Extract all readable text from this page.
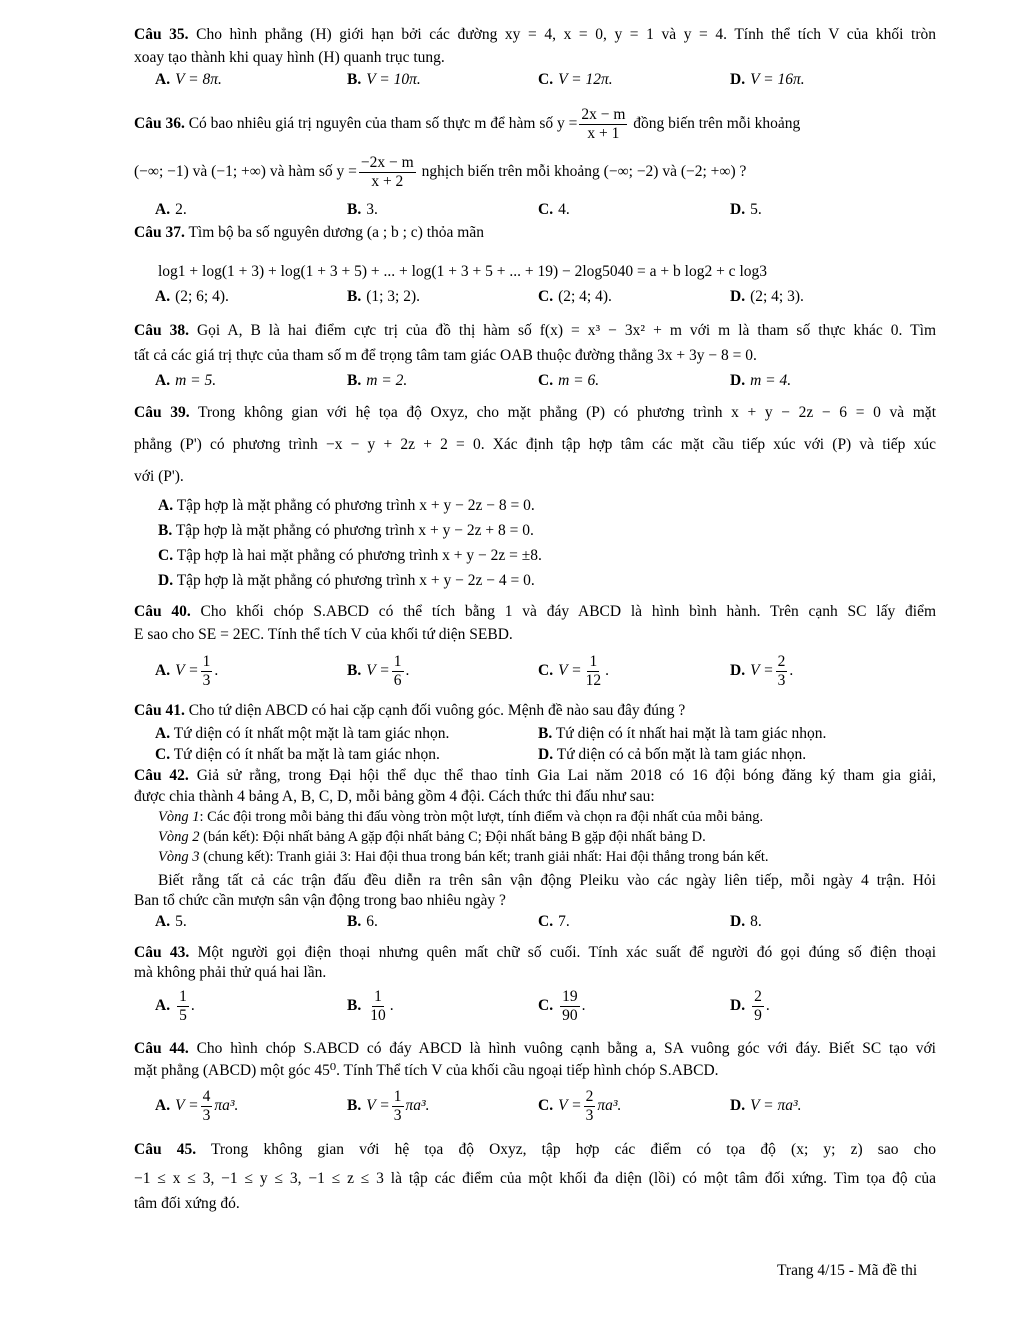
Câu 35. Cho hình phẳng (H) giới hạn bởi các đường xy = 4, x = 0, y = 1 và y = 4. Tính thể tích V của khối tròn
xoay tạo thành khi quay hình (H) quanh trục tung.
A. V = 8π.	B. V = 10π.	C. V = 12π.	D. V = 16π.
Câu 36. Có bao nhiêu giá trị nguyên của tham số thực m để hàm số $y = \frac{2x - m}{x + 1}$ đồng biến trên mỗi khoảng
(−∞; −1) và (−1; +∞) và hàm số $y = \frac{-2x - m}{x + 2}$
nghịch biến trên mỗi khoảng (−∞; −2) và (−2; +∞) ?
A. 2.	B. 3.	C. 4.	D. 5.
Câu 37. Tìm bộ ba số nguyên dương (a ; b ; c) thỏa mãn
log1 + log(1 + 3) + log(1 + 3 + 5) + ... + log(1 + 3 + 5 + ... + 19) − 2log5040 = a + b log2 + c log3
A. (2; 6; 4).	B. (1; 3; 2).	C. (2; 4; 4).	D. (2; 4; 3).
Câu 38. Gọi A, B là hai điểm cực trị của đồ thị hàm số f(x) = x³ − 3x² + m với m là tham số thực khác 0. Tìm
tất cả các giá trị thực của tham số m để trọng tâm tam giác OAB thuộc đường thẳng 3x + 3y − 8 = 0.
A. m = 5.	B. m = 2.	C. m = 6.	D. m = 4.
Câu 39. Trong không gian với hệ tọa độ Oxyz, cho mặt phẳng (P) có phương trình x + y − 2z − 6 = 0 và mặt
phẳng (P') có phương trình −x − y + 2z + 2 = 0. Xác định tập hợp tâm các mặt cầu tiếp xúc với (P) và tiếp xúc
với (P').
A. Tập hợp là mặt phẳng có phương trình x + y − 2z − 8 = 0.
B. Tập hợp là mặt phẳng có phương trình x + y − 2z + 8 = 0.
C. Tập hợp là hai mặt phẳng có phương trình x + y − 2z = ±8.
D. Tập hợp là mặt phẳng có phương trình x + y − 2z − 4 = 0.
Câu 40. Cho khối chóp S.ABCD có thể tích bằng 1 và đáy ABCD là hình bình hành. Trên cạnh SC lấy điểm
E sao cho SE = 2EC. Tính thể tích V của khối tứ diện SEBD.
A. $V = \frac{1}{3}$ .	B. $V = \frac{1}{6}$ .	C. $V = \frac{1}{12}$ .	D. $V = \frac{2}{3}$ .
Câu 41. Cho tứ diện ABCD có hai cặp cạnh đối vuông góc. Mệnh đề nào sau đây đúng ?
A. Tứ diện có ít nhất một mặt là tam giác nhọn.	B. Tứ diện có ít nhất hai mặt là tam giác nhọn.
C. Tứ diện có ít nhất ba mặt là tam giác nhọn.	D. Tứ diện có cả bốn mặt là tam giác nhọn.
Câu 42. Giả sử rằng, trong Đại hội thể dục thể thao tỉnh Gia Lai năm 2018 có 16 đội bóng đăng ký tham gia giải,
được chia thành 4 bảng A, B, C, D, mỗi bảng gồm 4 đội. Cách thức thi đấu như sau:
Vòng 1: Các đội trong mỗi bảng thi đấu vòng tròn một lượt, tính điểm và chọn ra đội nhất của mỗi bảng.
Vòng 2 (bán kết): Đội nhất bảng A gặp đội nhất bảng C; Đội nhất bảng B gặp đội nhất bảng D.
Vòng 3 (chung kết): Tranh giải 3: Hai đội thua trong bán kết; tranh giải nhất: Hai đội thắng trong bán kết.
Biết rằng tất cả các trận đấu đều diễn ra trên sân vận động Pleiku vào các ngày liên tiếp, mỗi ngày 4 trận. Hỏi
Ban tổ chức cần mượn sân vận động trong bao nhiêu ngày ?
A. 5.	B. 6.	C. 7.	D. 8.
Câu 43. Một người gọi điện thoại nhưng quên mất chữ số cuối. Tính xác suất để người đó gọi đúng số điện thoại
mà không phải thử quá hai lần.
A. $\frac{1}{5}$ .	B. $\frac{1}{10}$ .	C. $\frac{19}{90}$ .	D. $\frac{2}{9}$ .
Câu 44. Cho hình chóp S.ABCD có đáy ABCD là hình vuông cạnh bằng a, SA vuông góc với đáy. Biết SC tạo với
mặt phẳng (ABCD) một góc 45⁰. Tính Thể tích V của khối cầu ngoại tiếp hình chóp S.ABCD.
A. $V = \frac{4}{3} \pi a^3$.	B. $V = \frac{1}{3} \pi a^3$.	C. $V = \frac{2}{3} \pi a^3$.	D. V = πa³.
Câu 45. Trong không gian với hệ tọa độ Oxyz, tập hợp các điểm có tọa độ (x; y; z) sao cho
−1 ≤ x ≤ 3, −1 ≤ y ≤ 3, −1 ≤ z ≤ 3 là tập các điểm của một khối đa diện (lồi) có một tâm đối xứng. Tìm tọa độ của
tâm đối xứng đó.
Trang 4/15 - Mã đề thi
